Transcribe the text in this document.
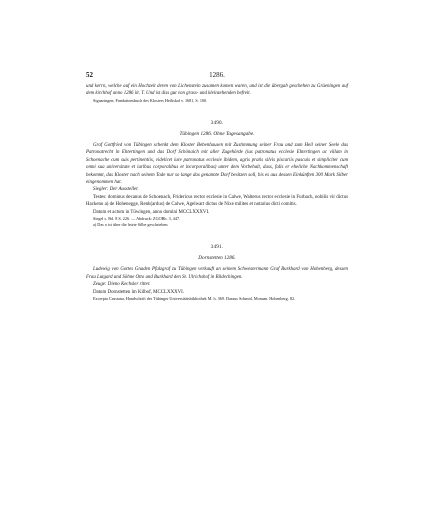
52	1286.

und kerrn, welche auf ein Hochzeit deren von Lichenstein zusamen komen waren, und ist die übergab geschehen zu Grüeningen auf dem kirchhof anno 1286 iit. T. Und ist diss gut von grass- und kleinzehenden befreit.

Signaringen; Fundationsbuch des Klosters Heiliskal v. 1681, S. 100.

3490.

Tübingen 1286. Ohne Tagesangabe.

Graf Gottfried von Tübingen schenkt dem Kloster Bebenhausen mit Zustimmung seiner Frau und zum Heil seiner Seele das Patronatrecht in Ehtertingen und das Dorf Schönaich mit aller Zugehörde (ius patronatus ecclesie Ehtertingen ac villam in Schoenache cum suis pertinentiis, videlicet iure patronatus ecclesie ibidem, agris pratis silvis piscariis pascuis et simpliciter cum omni sua universitate et iuribus corporalibus et incorporalibus) unter dem Vorbehalt, dass, falls er eheliche Nachkommenschaft bekommt, das Kloster nach seinem Tode nur so lange das genannte Dorf besitzen soll, bis es aus dessen Einkünften 300 Mark Silber eingenommen hat.

Siegler: Der Aussteller.

Testes: dominus decanus de Schoenach, Fridericus rector ecclesie in Calwe, Walterus rector ecclesie in Furbach, nobilis vir dictus Hackeno a) de Hohenegge, Renh(ardus) de Calwe, Agelwart dictus de Nixe milites et notarius dicti comitis.

Datum et actum in Tüwingen, anno domini MCCLXXXVI.

Siegel s. Bd. 8 S. 226. — Abdruck: ZGORh. 3, 447.

a) Das o ist über die letzte Silbe geschrieben.

3491.

Dornstetten 1286.

Ludewig von Gottes Gnaden Pfalzgraf zu Tübingen verkauft an seinem Schwestermann Graf Burkhard von Hohenberg, dessen Frau Lutgard und Söhne Otto und Burkhard den St. Ulrichshof in Bildechingen.

Zeuge: Dieno Kechsler ritter.

Datum Dornstetten im Kilbof, MCCLXXXVI.

Excerpta Crusiana, Handschrift der Tübinger Universitätsbibliothek M. h. 369. Daraus Schmid, Monum. Hohenberg. 82.
